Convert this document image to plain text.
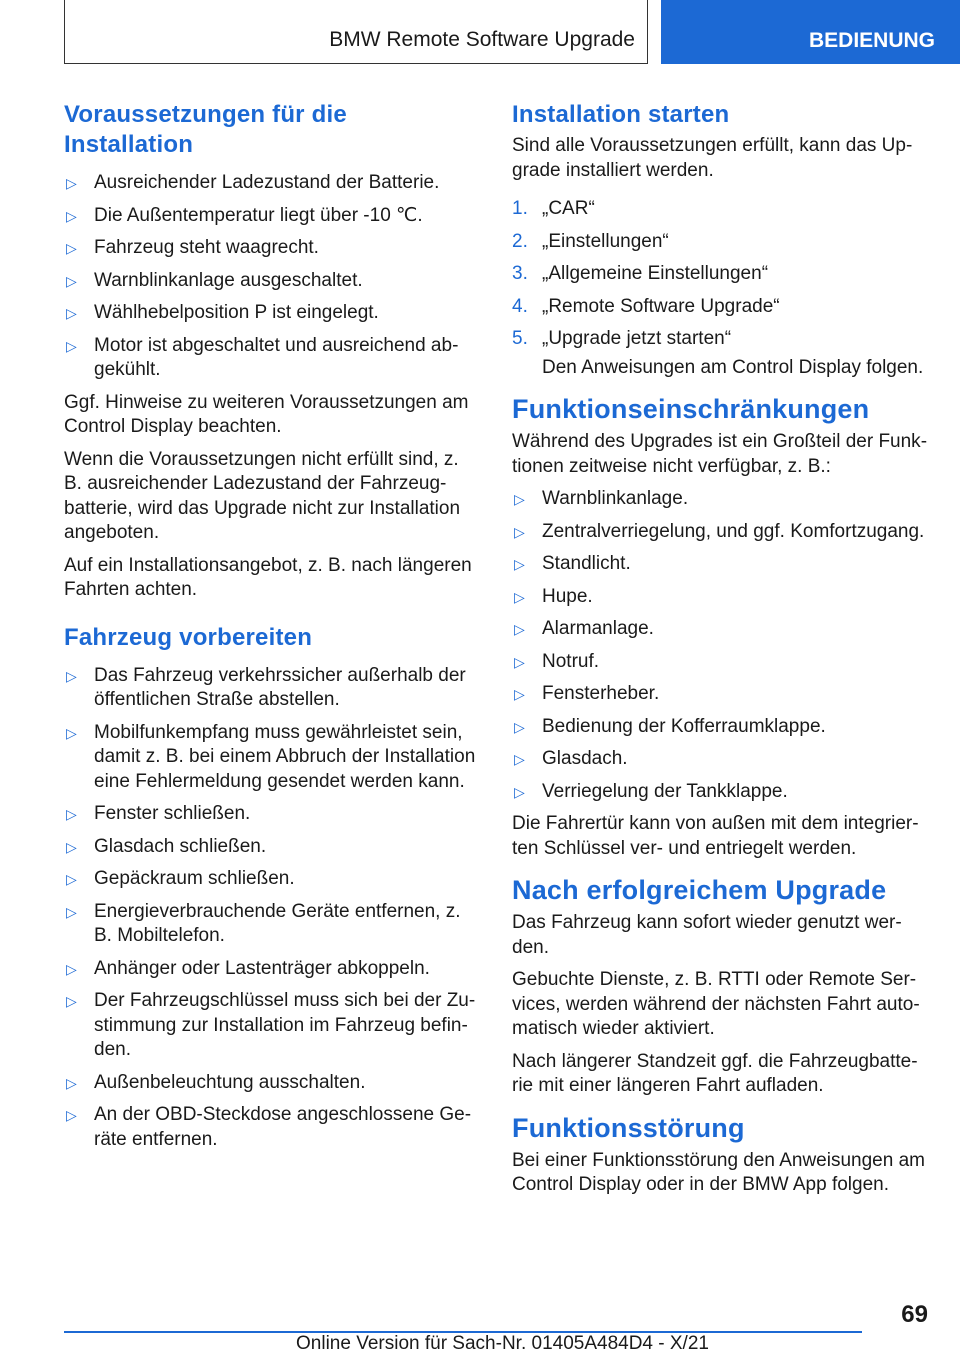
BMW Remote Software Upgrade	BEDIENUNG
Voraussetzungen für die Installation
▷ Ausreichender Ladezustand der Batterie.
▷ Die Außentemperatur liegt über -10 ℃.
▷ Fahrzeug steht waagrecht.
▷ Warnblinkanlage ausgeschaltet.
▷ Wählhebelposition P ist eingelegt.
▷ Motor ist abgeschaltet und ausreichend abgekühlt.

Ggf. Hinweise zu weiteren Voraussetzungen am Control Display beachten.

Wenn die Voraussetzungen nicht erfüllt sind, z. B. ausreichender Ladezustand der Fahrzeugbatterie, wird das Upgrade nicht zur Installation angeboten.

Auf ein Installationsangebot, z. B. nach längeren Fahrten achten.

Fahrzeug vorbereiten
▷ Das Fahrzeug verkehrssicher außerhalb der öffentlichen Straße abstellen.
▷ Mobilfunkempfang muss gewährleistet sein, damit z. B. bei einem Abbruch der Installation eine Fehlermeldung gesendet werden kann.
▷ Fenster schließen.
▷ Glasdach schließen.
▷ Gepäckraum schließen.
▷ Energieverbrauchende Geräte entfernen, z. B. Mobiltelefon.
▷ Anhänger oder Lastenträger abkoppeln.
▷ Der Fahrzeugschlüssel muss sich bei der Zustimmung zur Installation im Fahrzeug befinden.
▷ Außenbeleuchtung ausschalten.
▷ An der OBD-Steckdose angeschlossene Geräte entfernen.
Installation starten

Sind alle Voraussetzungen erfüllt, kann das Upgrade installiert werden.

1. „CAR“
2. „Einstellungen“
3. „Allgemeine Einstellungen“
4. „Remote Software Upgrade“
5. „Upgrade jetzt starten“

Den Anweisungen am Control Display folgen.

Funktionseinschränkungen

Während des Upgrades ist ein Großteil der Funktionen zeitweise nicht verfügbar, z. B.:

▷ Warnblinkanlage.
▷ Zentralverriegelung, und ggf. Komfortzugang.
▷ Standlicht.
▷ Hupe.
▷ Alarmanlage.
▷ Notruf.
▷ Fensterheber.
▷ Bedienung der Kofferraumklappe.
▷ Glasdach.
▷ Verriegelung der Tankklappe.

Die Fahrertür kann von außen mit dem integrierten Schlüssel ver- und entriegelt werden.

Nach erfolgreichem Upgrade

Das Fahrzeug kann sofort wieder genutzt werden.

Gebuchte Dienste, z. B. RTTI oder Remote Services, werden während der nächsten Fahrt automatisch wieder aktiviert.

Nach längerer Standzeit ggf. die Fahrzeugbatterie mit einer längeren Fahrt aufladen.

Funktionsstörung

Bei einer Funktionsstörung den Anweisungen am Control Display oder in der BMW App folgen.

69
Online Version für Sach-Nr. 01405A484D4 - X/21
